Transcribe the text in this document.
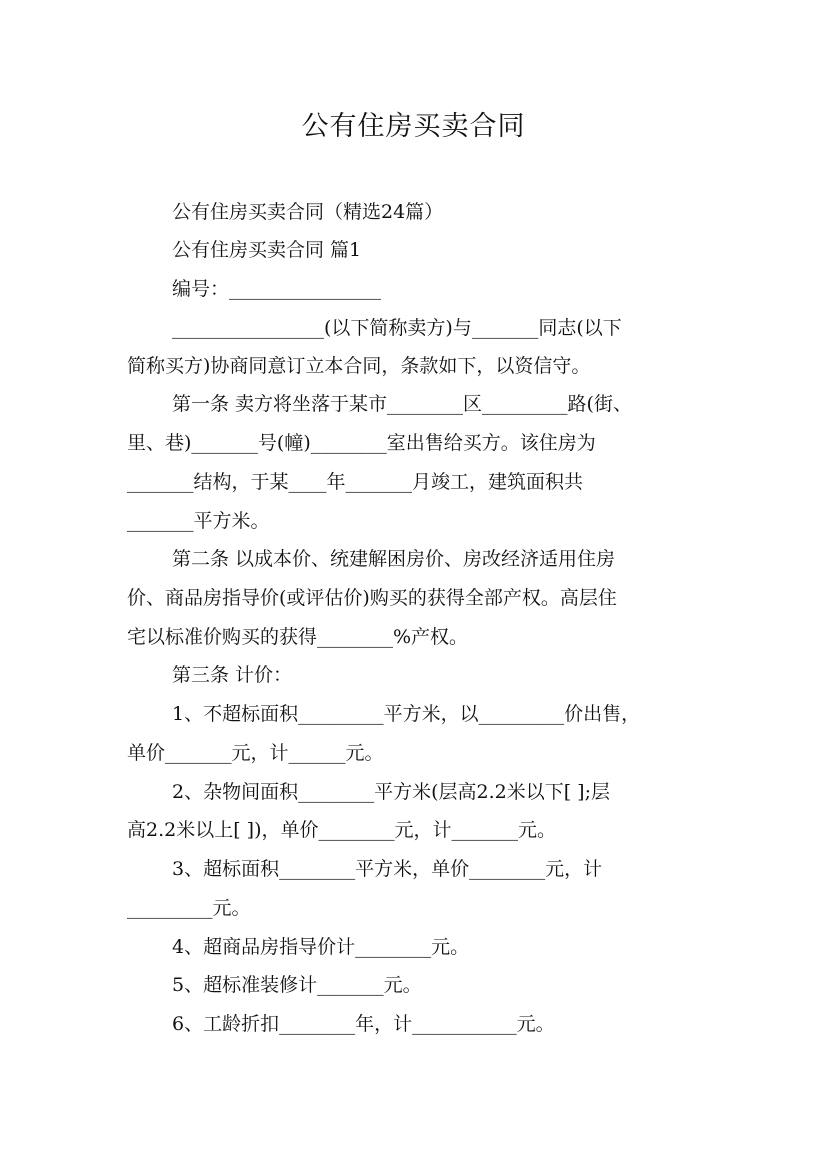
公有住房买卖合同
公有住房买卖合同（精选24篇）
公有住房买卖合同 篇1
编号：________________
________________(以下简称卖方)与_______同志(以下
简称买方)协商同意订立本合同，条款如下，以资信守。
第一条 卖方将坐落于某市________区_________路(街、
里、巷)_______号(幢)________室出售给买方。该住房为
_______结构，于某____年_______月竣工，建筑面积共
_______平方米。
第二条 以成本价、统建解困房价、房改经济适用住房
价、商品房指导价(或评估价)购买的获得全部产权。高层住
宅以标准价购买的获得________%产权。
第三条 计价：
1、不超标面积_________平方米，以_________价出售，
单价_______元，计______元。
2、杂物间面积________平方米(层高2.2米以下[ ];层
高2.2米以上[ ])，单价________元，计_______元。
3、超标面积________平方米，单价________元，计
_________元。
4、超商品房指导价计________元。
5、超标准装修计_______元。
6、工龄折扣________年，计___________元。
